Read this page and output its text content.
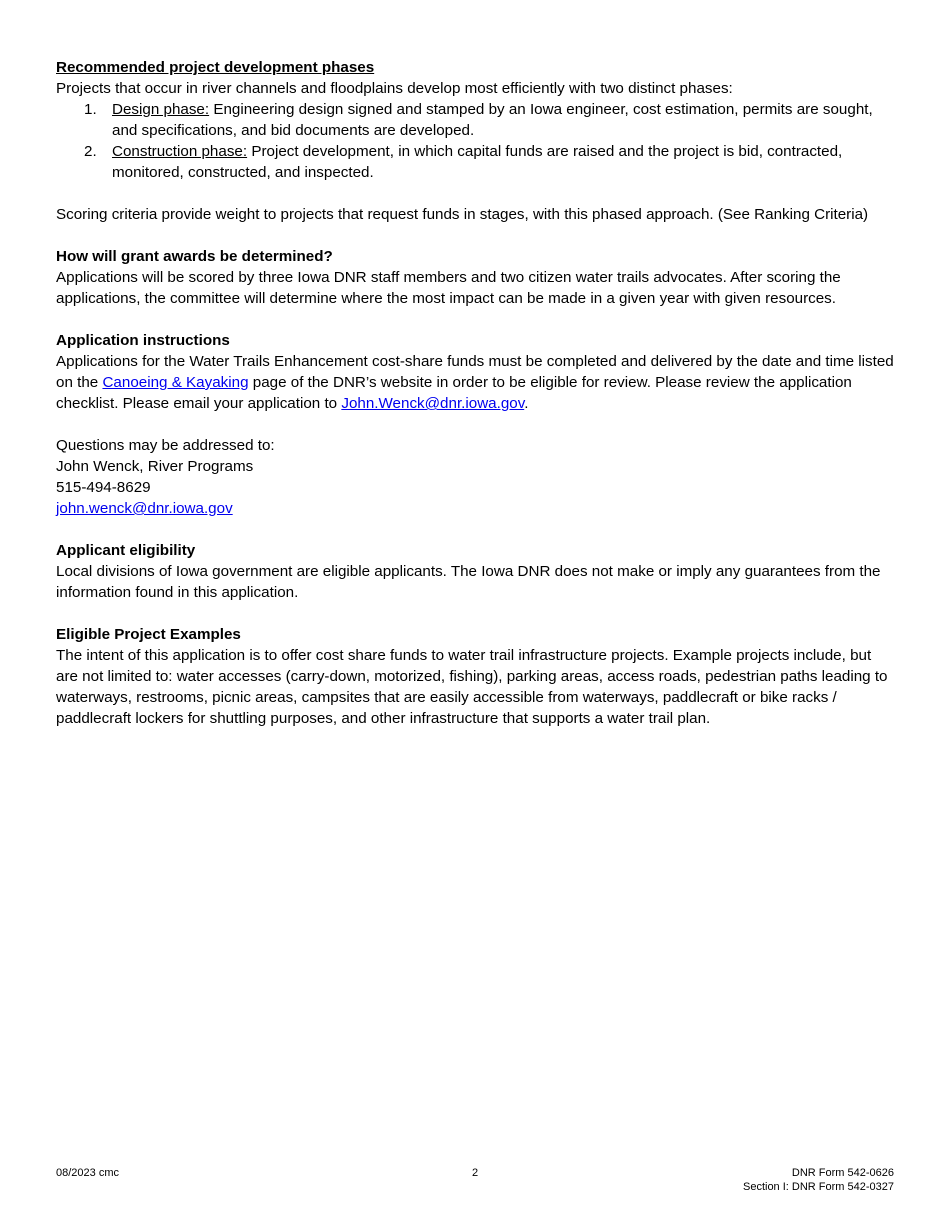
Recommended project development phases

Projects that occur in river channels and floodplains develop most efficiently with two distinct phases:

1. Design phase: Engineering design signed and stamped by an Iowa engineer, cost estimation, permits are sought, and specifications, and bid documents are developed.
2. Construction phase: Project development, in which capital funds are raised and the project is bid, contracted, monitored, constructed, and inspected.

Scoring criteria provide weight to projects that request funds in stages, with this phased approach. (See Ranking Criteria)

How will grant awards be determined?

Applications will be scored by three Iowa DNR staff members and two citizen water trails advocates. After scoring the applications, the committee will determine where the most impact can be made in a given year with given resources.

Application instructions

Applications for the Water Trails Enhancement cost-share funds must be completed and delivered by the date and time listed on the Canoeing & Kayaking page of the DNR’s website in order to be eligible for review. Please review the application checklist. Please email your application to John.Wenck@dnr.iowa.gov.

Questions may be addressed to:
John Wenck, River Programs
515-494-8629
john.wenck@dnr.iowa.gov
Applicant eligibility

Local divisions of Iowa government are eligible applicants. The Iowa DNR does not make or imply any guarantees from the information found in this application.

Eligible Project Examples

The intent of this application is to offer cost share funds to water trail infrastructure projects. Example projects include, but are not limited to: water accesses (carry-down, motorized, fishing), parking areas, access roads, pedestrian paths leading to waterways, restrooms, picnic areas, campsites that are easily accessible from waterways, paddlecraft or bike racks / paddlecraft lockers for shuttling purposes, and other infrastructure that supports a water trail plan.

08/2023 cmc	2	DNR Form 542-0626
Section I: DNR Form 542-0327
